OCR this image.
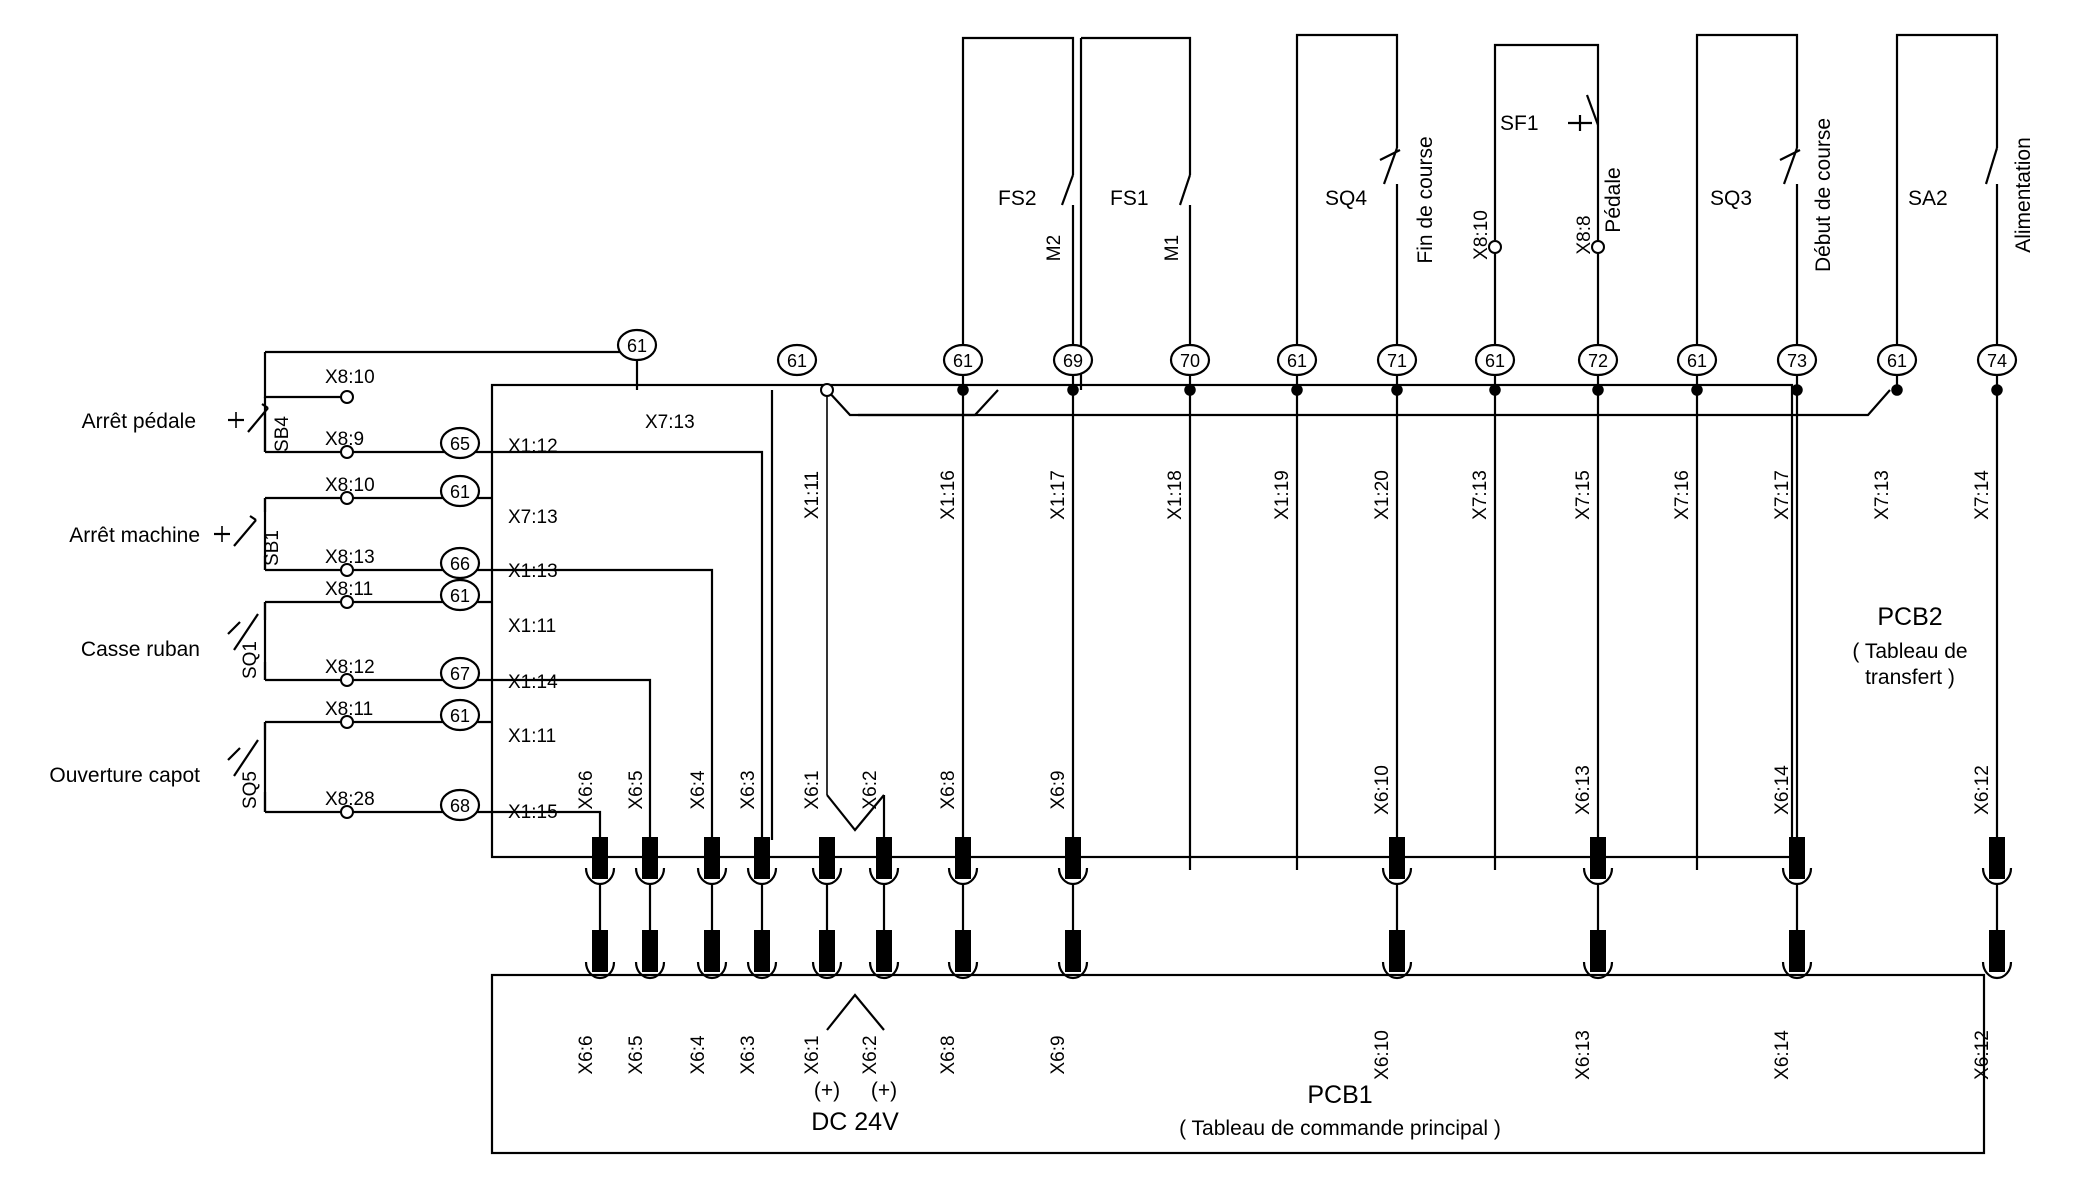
Arrêt pédale
Arrêt machine
Casse ruban
Ouverture capot
SB4
SB1
SQ1
SQ5
X8:10
X8:9
X8:10
X8:13
X8:11
X8:12
X8:11
X8:28
65
61
66
61
67
61
68
61
X1:12
X7:13
X1:13
X1:11
X1:14
X1:11
X1:15
X7:13
FS2	FS1	SQ4
SF1
SQ3	SA2
M2	M1	Fin de course	Pédale	Début de course	Alimentation
X8:10	X8:8
61	61	69	70	61	71	61	72	61	73	61	74
X1:11	X1:16	X1:17	X1:18	X1:19	X1:20	X7:13	X7:15	X7:16	X7:17	X7:13	X7:14
X6:6 X6:5 X6:4 X6:3 X6:1 X6:2	X6:8	X6:9	X6:10	X6:13	X6:14	X6:12
X6:6 X6:5 X6:4 X6:3 X6:1 X6:2	X6:8	X6:9	X6:10	X6:13	X6:14	X6:12
(+) (+)
DC 24V
PCB2
( Tableau de
transfert )
PCB1
( Tableau de commande principal )
